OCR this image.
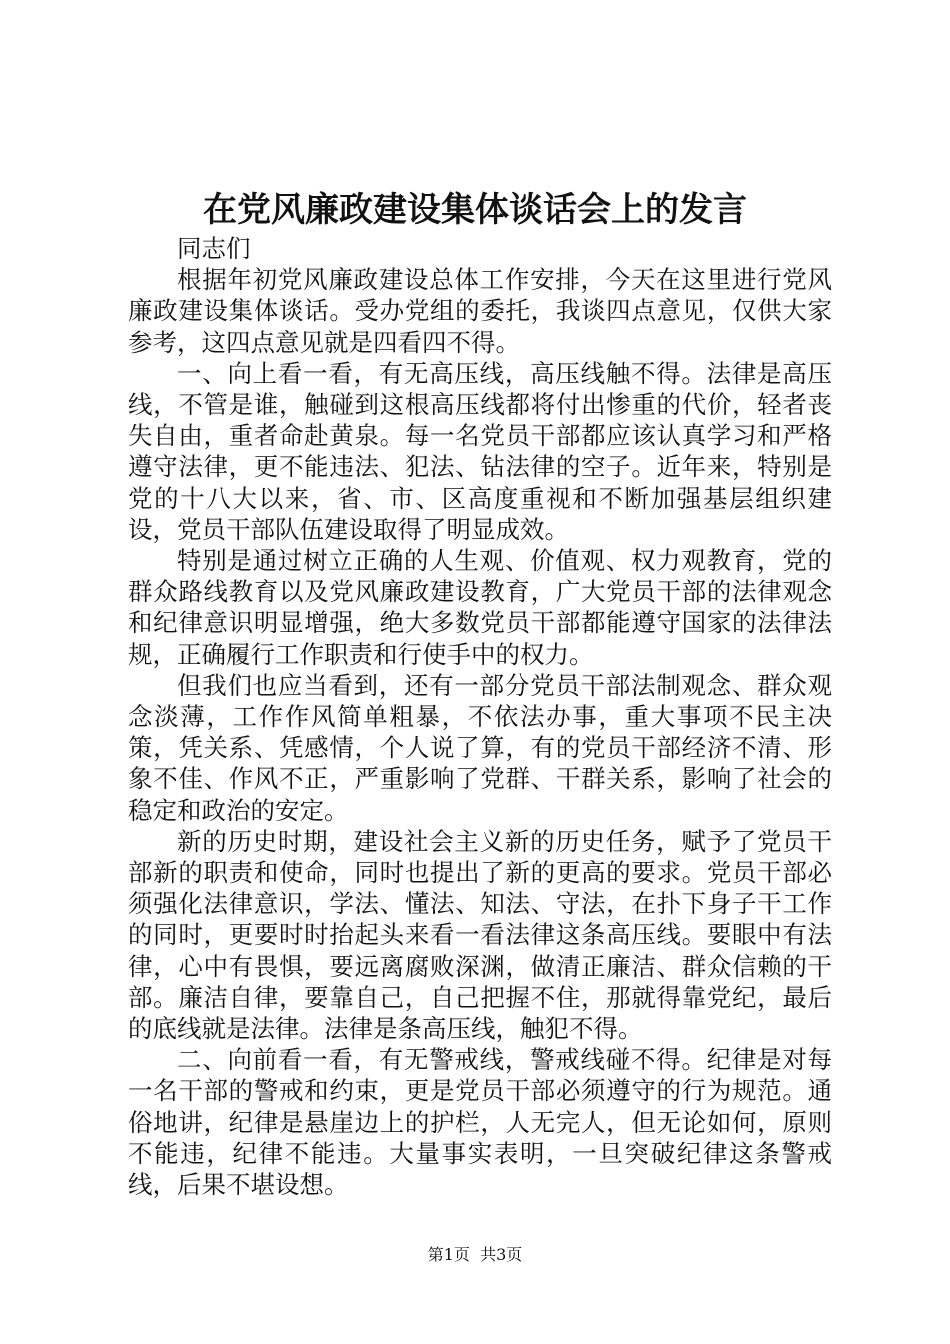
在党风廉政建设集体谈话会上的发言

同志们

根据年初党风廉政建设总体工作安排，今天在这里进行党风廉政建设集体谈话。受办党组的委托，我谈四点意见，仅供大家参考，这四点意见就是四看四不得。

一、向上看一看，有无高压线，高压线触不得。法律是高压线，不管是谁，触碰到这根高压线都将付出惨重的代价，轻者丧失自由，重者命赴黄泉。每一名党员干部都应该认真学习和严格遵守法律，更不能违法、犯法、钻法律的空子。近年来，特别是党的十八大以来，省、市、区高度重视和不断加强基层组织建设，党员干部队伍建设取得了明显成效。

特别是通过树立正确的人生观、价值观、权力观教育，党的群众路线教育以及党风廉政建设教育，广大党员干部的法律观念和纪律意识明显增强，绝大多数党员干部都能遵守国家的法律法规，正确履行工作职责和行使手中的权力。

但我们也应当看到，还有一部分党员干部法制观念、群众观念淡薄，工作作风简单粗暴，不依法办事，重大事项不民主决策，凭关系、凭感情，个人说了算，有的党员干部经济不清、形象不佳、作风不正，严重影响了党群、干群关系，影响了社会的稳定和政治的安定。

新的历史时期，建设社会主义新的历史任务，赋予了党员干部新的职责和使命，同时也提出了新的更高的要求。党员干部必须强化法律意识，学法、懂法、知法、守法，在扑下身子干工作的同时，更要时时抬起头来看一看法律这条高压线。要眼中有法律，心中有畏惧，要远离腐败深渊，做清正廉洁、群众信赖的干部。廉洁自律，要靠自己，自己把握不住，那就得靠党纪，最后的底线就是法律。法律是条高压线，触犯不得。

二、向前看一看，有无警戒线，警戒线碰不得。纪律是对每一名干部的警戒和约束，更是党员干部必须遵守的行为规范。通俗地讲，纪律是悬崖边上的护栏，人无完人，但无论如何，原则不能违，纪律不能违。大量事实表明，一旦突破纪律这条警戒线，后果不堪设想。

第1页 共3页
